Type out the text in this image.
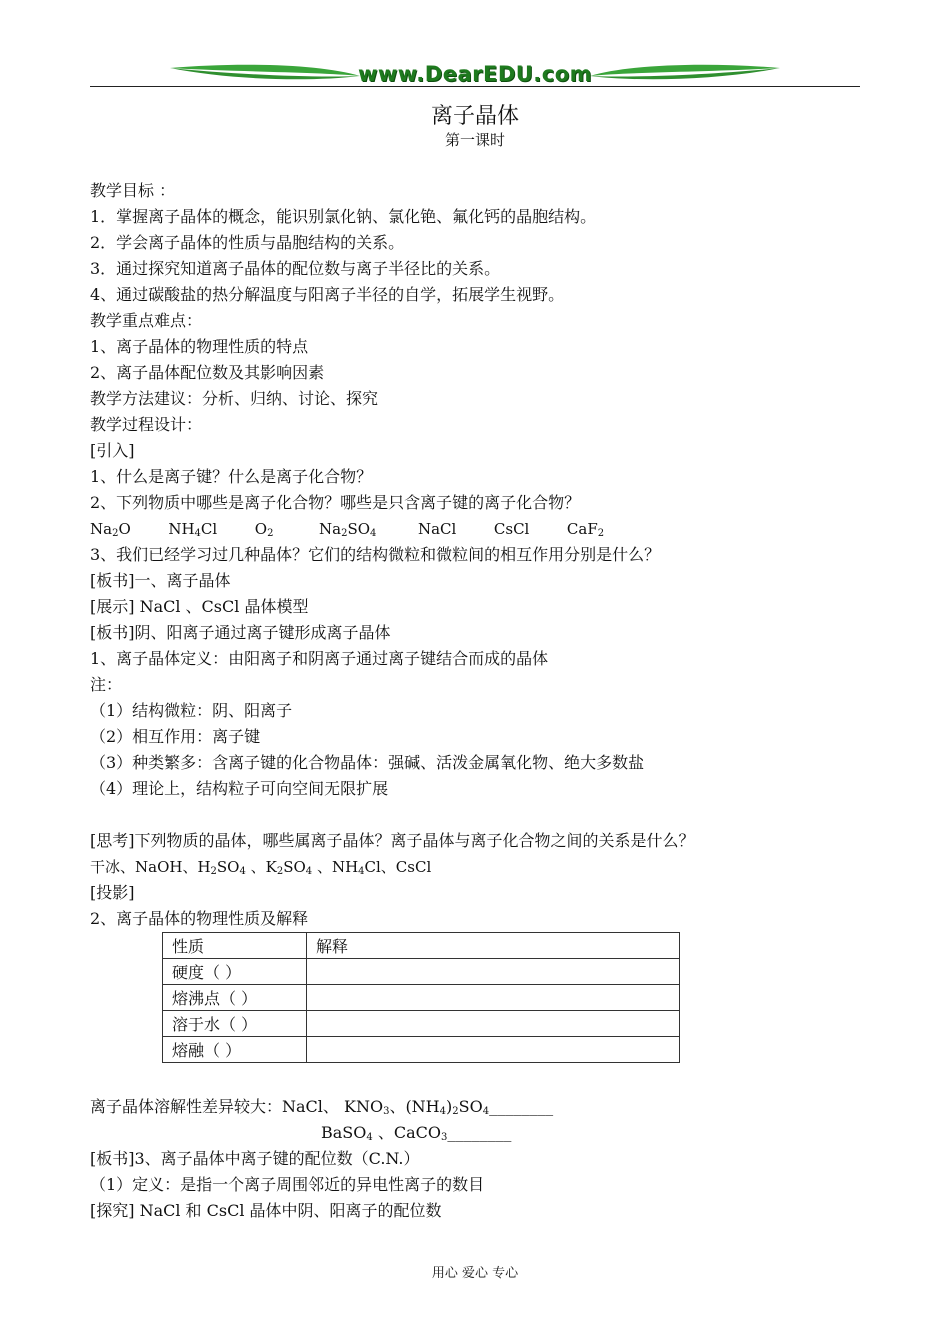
www.DearEDU.com
离子晶体
第一课时
教学目标 ：
1．掌握离子晶体的概念，能识别氯化钠、氯化铯、氟化钙的晶胞结构。
2．学会离子晶体的性质与晶胞结构的关系。
3．通过探究知道离子晶体的配位数与离子半径比的关系。
4、通过碳酸盐的热分解温度与阳离子半径的自学，拓展学生视野。
教学重点难点：
1、离子晶体的物理性质的特点
2、离子晶体配位数及其影响因素
教学方法建议：分析、归纳、讨论、探究
教学过程设计：
[引入]
1、什么是离子键？什么是离子化合物？
2、下列物质中哪些是离子化合物？哪些是只含离子键的离子化合物？
$Na_2O$	$NH_4Cl$	$O_2$	$Na_2SO_4$	NaCl	CsCl	CaF$_2$
3、我们已经学习过几种晶体？它们的结构微粒和微粒间的相互作用分别是什么？
[板书]一、离子晶体
[展示] NaCl 、CsCl 晶体模型
[板书]阴、阳离子通过离子键形成离子晶体
1、离子晶体定义：由阳离子和阴离子通过离子键结合而成的晶体
注：
（1）结构微粒：阴、阳离子
（2）相互作用：离子键
（3）种类繁多：含离子键的化合物晶体：强碱、活泼金属氧化物、绝大多数盐
（4）理论上，结构粒子可向空间无限扩展
[思考]下列物质的晶体，哪些属离子晶体？离子晶体与离子化合物之间的关系是什么？
干冰、NaOH、$H_2SO_4$ 、$K_2SO_4$ 、$NH_4Cl$、CsCl
[投影]
2、离子晶体的物理性质及解释
性质	解释
硬度（ ）	
熔沸点（ ）	
溶于水（ ）	
熔融（ ）	
离子晶体溶解性差异较大：NaCl、 $KNO_3$、$(NH_4)_2SO_4\_\_\_\_\_\_\_\_$
BaSO$_4$ 、CaCO$_3$________
[板书]3、离子晶体中离子键的配位数（C.N.）
（1）定义：是指一个离子周围邻近的异电性离子的数目
[探究] NaCl 和 CsCl 晶体中阴、阳离子的配位数
用心 爱心 专心
